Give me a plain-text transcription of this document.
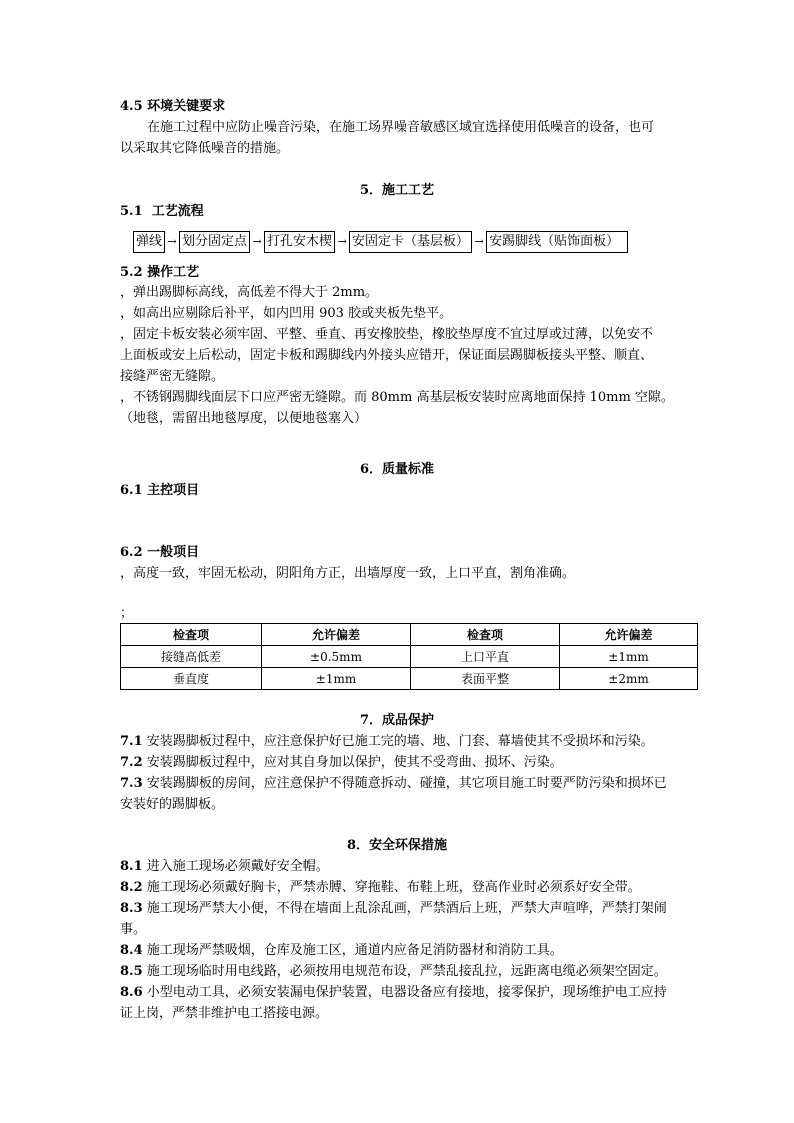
4.5 环境关键要求
在施工过程中应防止噪音污染，在施工场界噪音敏感区域宜选择使用低噪音的设备，也可
以采取其它降低噪音的措施。
5．施工工艺
5.1 工艺流程
弹线 → 划分固定点 → 打孔安木楔 → 安固定卡（基层板） → 安踢脚线（贴饰面板）
5.2 操作工艺
，弹出踢脚标高线，高低差不得大于 2mm。
，如高出应剔除后补平，如内凹用 903 胶或夹板先垫平。
，固定卡板安装必须牢固、平整、垂直、再安橡胶垫，橡胶垫厚度不宜过厚或过薄，以免安不
上面板或安上后松动，固定卡板和踢脚线内外接头应错开，保证面层踢脚板接头平整、顺直、
接缝严密无缝隙。
，不锈钢踢脚线面层下口应严密无缝隙。而 80mm 高基层板安装时应离地面保持 10mm 空隙。
（地毯，需留出地毯厚度，以便地毯塞入）
6．质量标准
6.1 主控项目
6.2 一般项目
，高度一致，牢固无松动，阴阳角方正，出墙厚度一致，上口平直，割角准确。
；
检查项	允许偏差	检查项	允许偏差
接缝高低差	±0.5mm	上口平直	±1mm
垂直度	±1mm	表面平整	±2mm
7．成品保护
7.1 安装踢脚板过程中，应注意保护好已施工完的墙、地、门套、幕墙使其不受损坏和污染。
7.2 安装踢脚板过程中，应对其自身加以保护，使其不受弯曲、损坏、污染。
7.3 安装踢脚板的房间，应注意保护不得随意拆动、碰撞，其它项目施工时要严防污染和损坏已
安装好的踢脚板。
8．安全环保措施
8.1 进入施工现场必须戴好安全帽。
8.2 施工现场必须戴好胸卡，严禁赤膊、穿拖鞋、布鞋上班，登高作业时必须系好安全带。
8.3 施工现场严禁大小便，不得在墙面上乱涂乱画，严禁酒后上班，严禁大声喧哗，严禁打架闹
事。
8.4 施工现场严禁吸烟，仓库及施工区，通道内应备足消防器材和消防工具。
8.5 施工现场临时用电线路，必须按用电规范布设，严禁乱接乱拉，远距离电缆必须架空固定。
8.6 小型电动工具，必须安装漏电保护装置，电器设备应有接地，接零保护，现场维护电工应持
证上岗，严禁非维护电工搭接电源。
